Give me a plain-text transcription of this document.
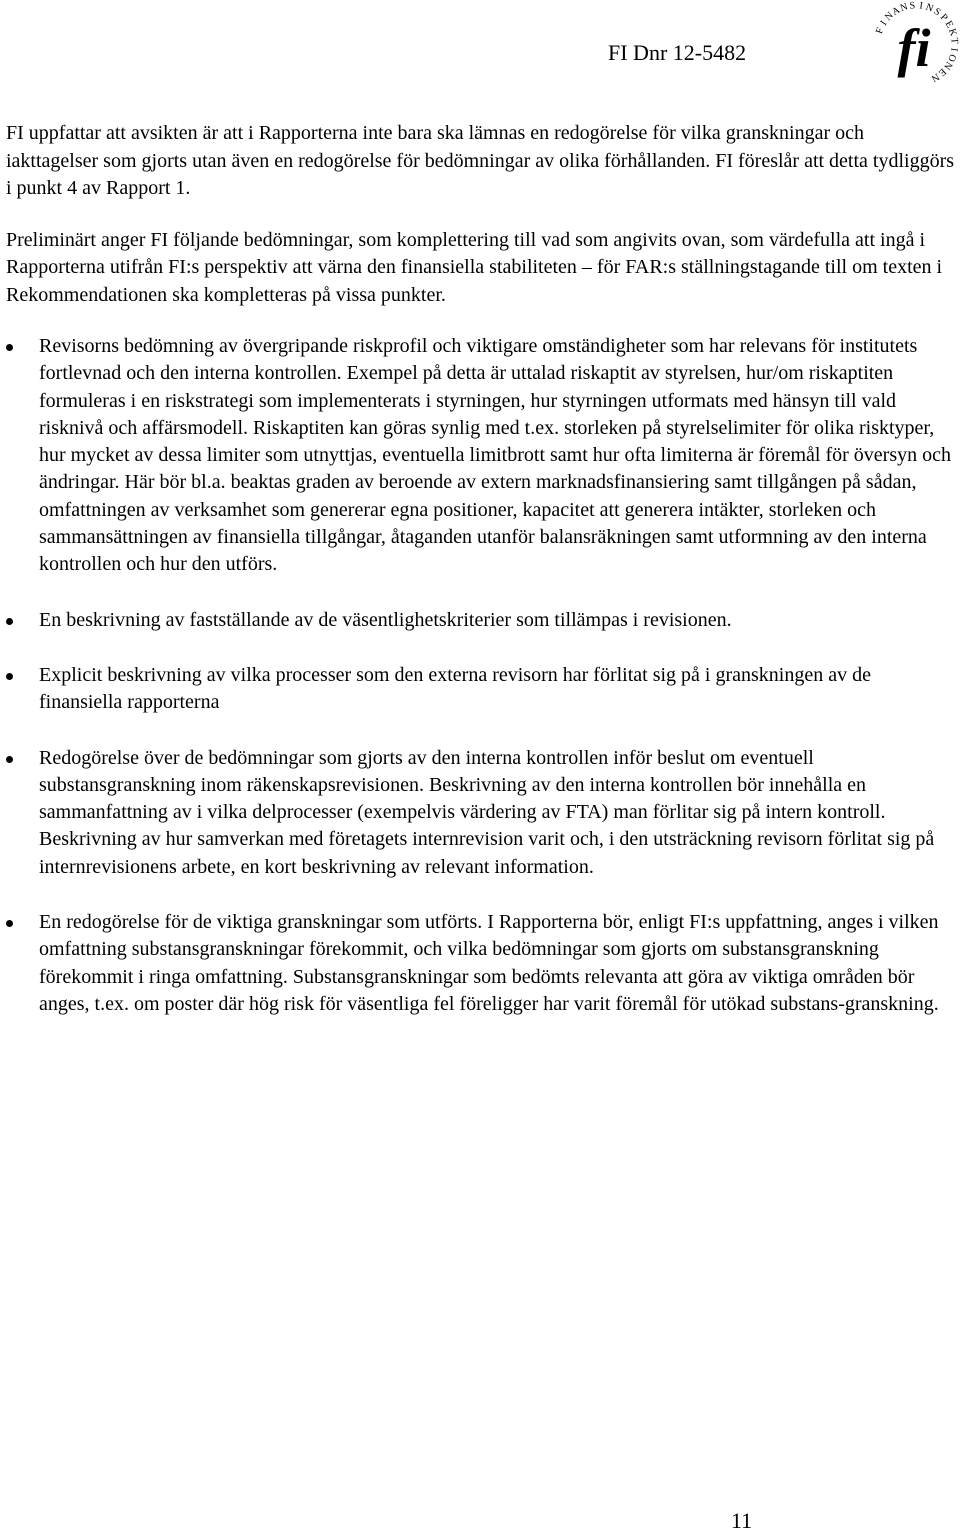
FI Dnr 12-5482
F
I
N
A
N S I N
S
P
E
K
T
I
O
N
E
N
fi

FI uppfattar att avsikten är att i Rapporterna inte bara ska lämnas en redogörelse för vilka granskningar och iakttagelser som gjorts utan även en redogörelse för bedömningar av olika förhållanden. FI föreslår att detta tydliggörs i punkt 4 av Rapport 1.

Preliminärt anger FI följande bedömningar, som komplettering till vad som angivits ovan, som värdefulla att ingå i Rapporterna utifrån FI:s perspektiv att värna den finansiella stabiliteten – för FAR:s ställningstagande till om texten i Rekommendationen ska kompletteras på vissa punkter.

Revisorns bedömning av övergripande riskprofil och viktigare omständigheter som har relevans för institutets fortlevnad och den interna kontrollen. Exempel på detta är uttalad riskaptit av styrelsen, hur/om riskaptiten formuleras i en riskstrategi som implementerats i styrningen, hur styrningen utformats med hänsyn till vald risknivå och affärsmodell. Riskaptiten kan göras synlig med t.ex. storleken på styrelselimiter för olika risktyper, hur mycket av dessa limiter som utnyttjas, eventuella limitbrott samt hur ofta limiterna är föremål för översyn och ändringar. Här bör bl.a. beaktas graden av beroende av extern marknadsfinansiering samt tillgången på sådan, omfattningen av verksamhet som genererar egna positioner, kapacitet att generera intäkter, storleken och sammansättningen av finansiella tillgångar, åtaganden utanför balansräkningen samt utformning av den interna kontrollen och hur den utförs.
En beskrivning av fastställande av de väsentlighetskriterier som tillämpas i revisionen.
Explicit beskrivning av vilka processer som den externa revisorn har förlitat sig på i granskningen av de finansiella rapporterna
Redogörelse över de bedömningar som gjorts av den interna kontrollen inför beslut om eventuell substansgranskning inom räkenskapsrevisionen. Beskrivning av den interna kontrollen bör innehålla en sammanfattning av i vilka delprocesser (exempelvis värdering av FTA) man förlitar sig på intern kontroll. Beskrivning av hur samverkan med företagets internrevision varit och, i den utsträckning revisorn förlitat sig på internrevisionens arbete, en kort beskrivning av relevant information.
En redogörelse för de viktiga granskningar som utförts. I Rapporterna bör, enligt FI:s uppfattning, anges i vilken omfattning substansgranskningar förekommit, och vilka bedömningar som gjorts om substansgranskning förekommit i ringa omfattning. Substansgranskningar som bedömts relevanta att göra av viktiga områden bör anges, t.ex. om poster där hög risk för väsentliga fel föreligger har varit föremål för utökad substans-granskning.
11
